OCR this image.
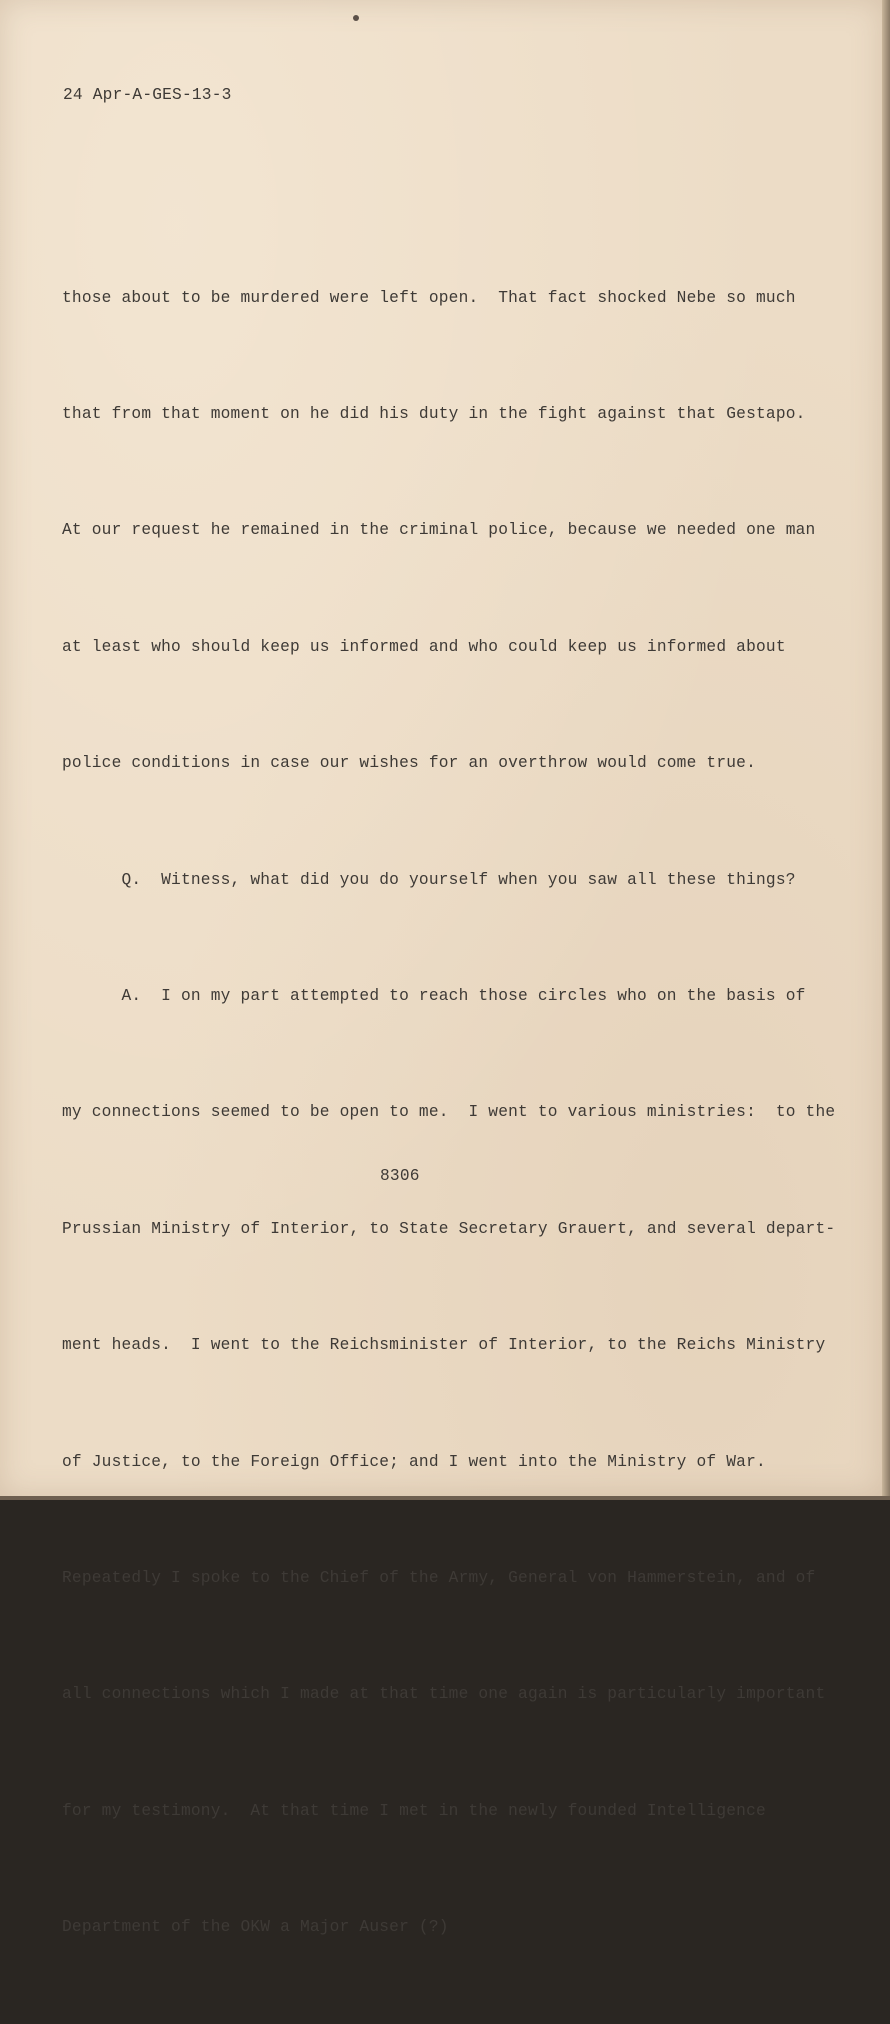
24 Apr-A-GES-13-3

those about to be murdered were left open.  That fact shocked Nebe so much

that from that moment on he did his duty in the fight against that Gestapo.

At our request he remained in the criminal police, because we needed one man

at least who should keep us informed and who could keep us informed about

police conditions in case our wishes for an overthrow would come true.

Q.  Witness, what did you do yourself when you saw all these things?

A.  I on my part attempted to reach those circles who on the basis of

my connections seemed to be open to me.  I went to various ministries:  to the

Prussian Ministry of Interior, to State Secretary Grauert, and several depart-

ment heads.  I went to the Reichsminister of Interior, to the Reichs Ministry

of Justice, to the Foreign Office; and I went into the Ministry of War.

Repeatedly I spoke to the Chief of the Army, General von Hammerstein, and of

all connections which I made at that time one again is particularly important

for my testimony.  At that time I met in the newly founded Intelligence

Department of the OKW a Major Auser (?)

8306
